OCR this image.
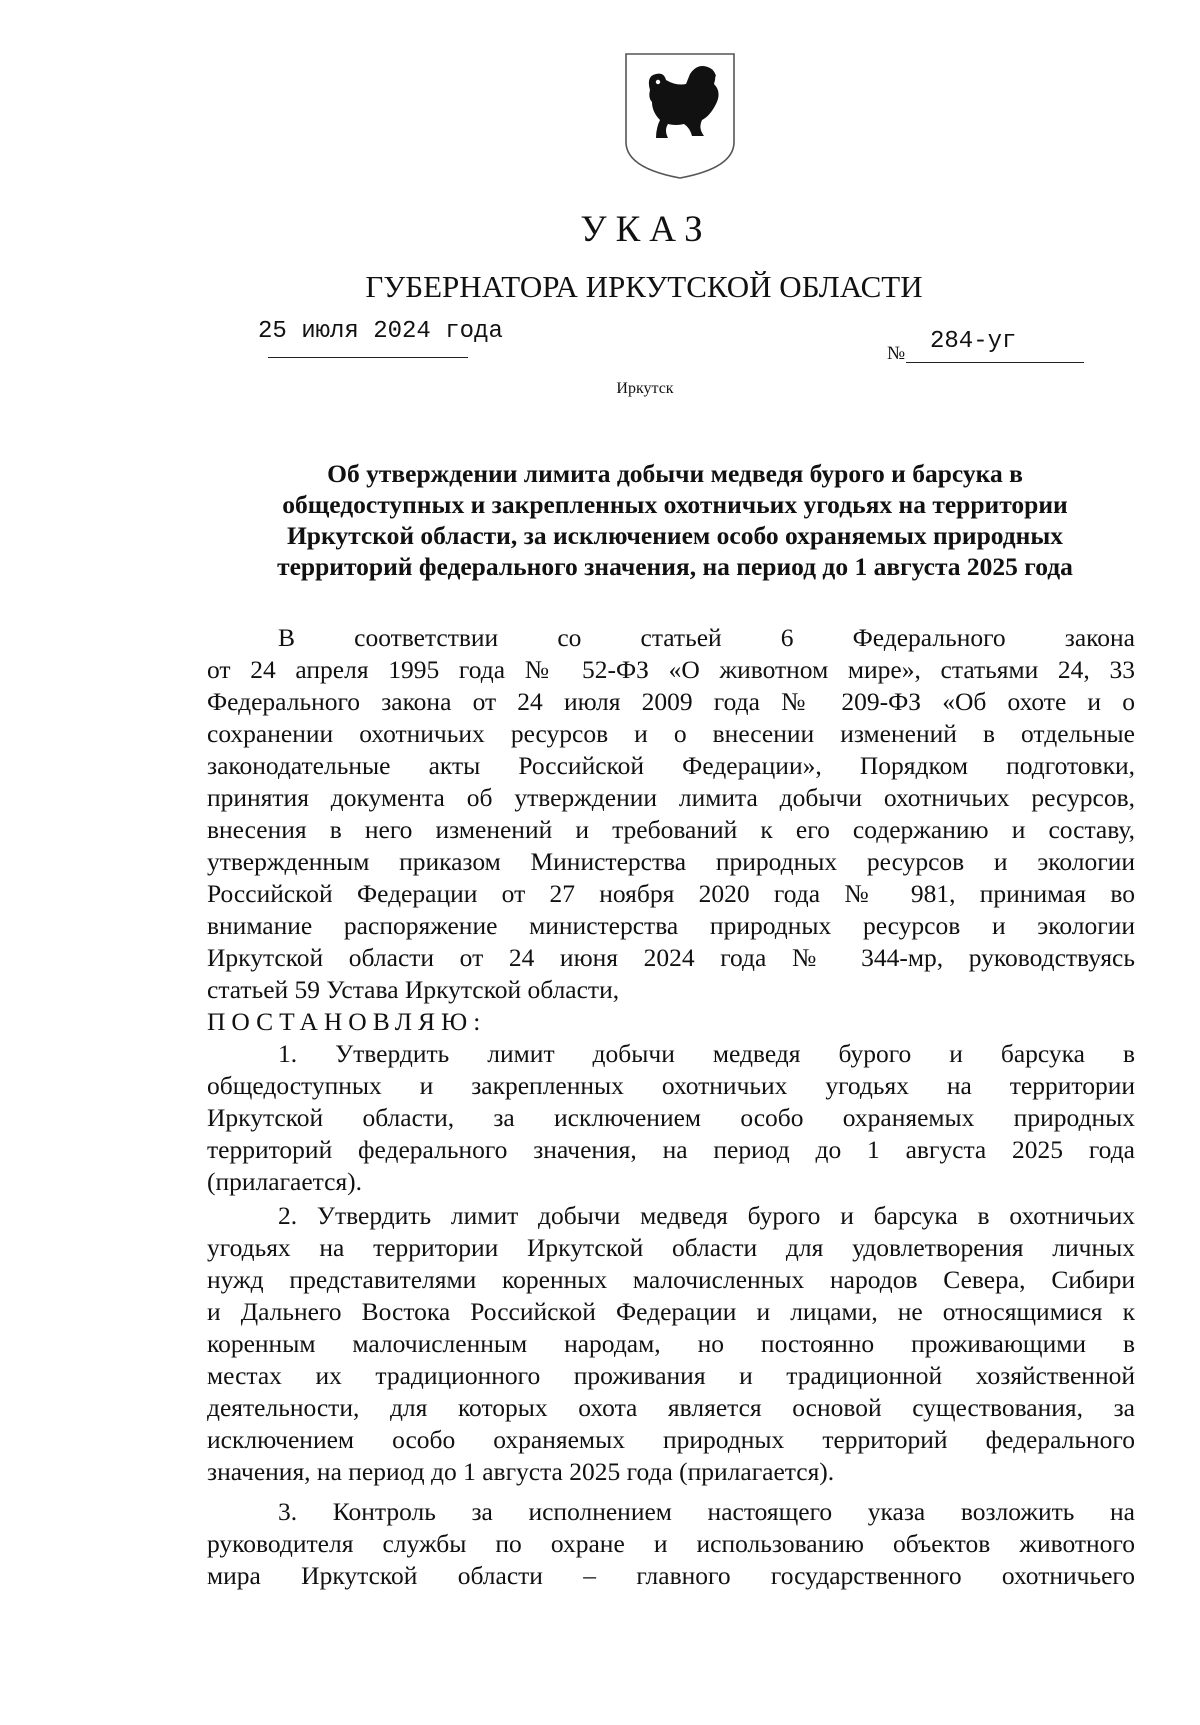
УКАЗ
ГУБЕРНАТОРА ИРКУТСКОЙ ОБЛАСТИ
25 июля 2024 года
№ 284-уг
Иркутск
Об утверждении лимита добычи медведя бурого и барсука в
общедоступных и закрепленных охотничьих угодьях на территории
Иркутской области, за исключением особо охраняемых природных
территорий федерального значения, на период до 1 августа 2025 года
В соответствии со статьей 6 Федерального закона
от 24 апреля 1995 года № 52-ФЗ «О животном мире», статьями 24, 33
Федерального закона от 24 июля 2009 года № 209-ФЗ «Об охоте и о
сохранении охотничьих ресурсов и о внесении изменений в отдельные
законодательные акты Российской Федерации», Порядком подготовки,
принятия документа об утверждении лимита добычи охотничьих ресурсов,
внесения в него изменений и требований к его содержанию и составу,
утвержденным приказом Министерства природных ресурсов и экологии
Российской Федерации от 27 ноября 2020 года № 981, принимая во
внимание распоряжение министерства природных ресурсов и экологии
Иркутской области от 24 июня 2024 года № 344-мр, руководствуясь
статьей 59 Устава Иркутской области,
ПОСТАНОВЛЯЮ:
1. Утвердить лимит добычи медведя бурого и барсука в
общедоступных и закрепленных охотничьих угодьях на территории
Иркутской области, за исключением особо охраняемых природных
территорий федерального значения, на период до 1 августа 2025 года
(прилагается).
2. Утвердить лимит добычи медведя бурого и барсука в охотничьих
угодьях на территории Иркутской области для удовлетворения личных
нужд представителями коренных малочисленных народов Севера, Сибири
и Дальнего Востока Российской Федерации и лицами, не относящимися к
коренным малочисленным народам, но постоянно проживающими в
местах их традиционного проживания и традиционной хозяйственной
деятельности, для которых охота является основой существования, за
исключением особо охраняемых природных территорий федерального
значения, на период до 1 августа 2025 года (прилагается).
3. Контроль за исполнением настоящего указа возложить на
руководителя службы по охране и использованию объектов животного
мира Иркутской области – главного государственного охотничьего
